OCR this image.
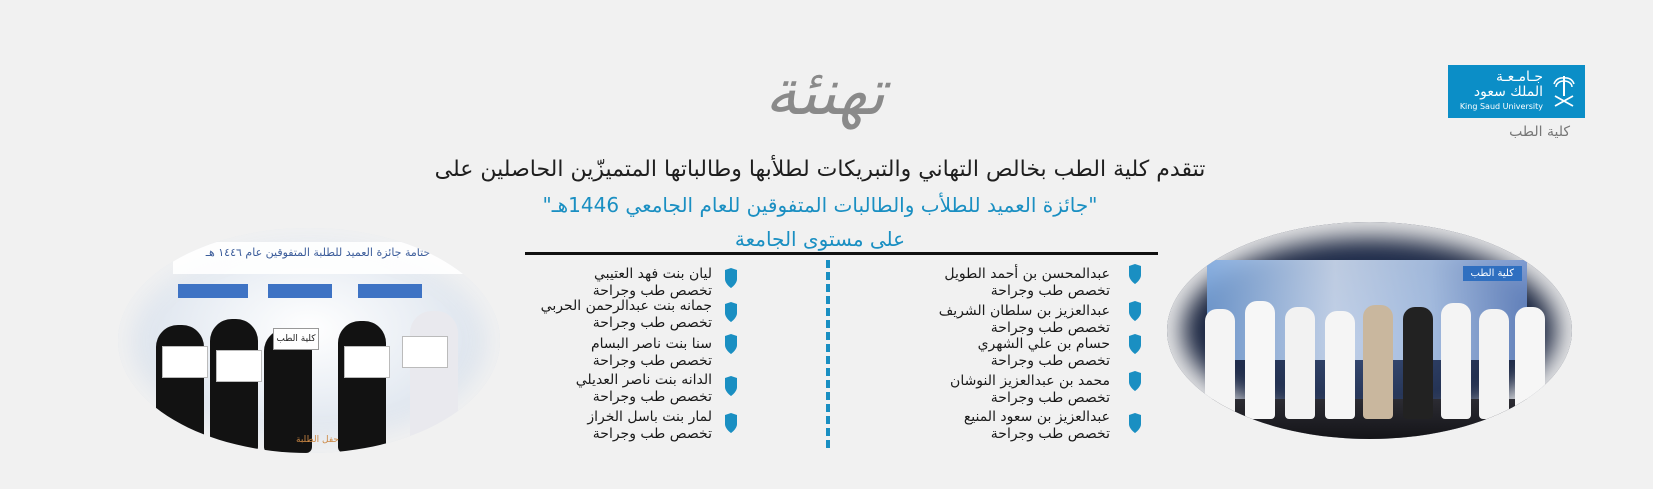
جـامـعـة
الملك سعود
King Saud University
كلية الطب
تهنئة
تتقدم كلية الطب بخالص التهاني والتبريكات لطلأبها وطالباتها المتميزّين الحاصلين على
"جائزة العميد للطلأب والطالبات المتفوقين للعام الجامعي 1446هـ"
على مستوى الجامعة
كلية الطب
ختامة جائزة العميد للطلبة المتفوقين عام ١٤٤٦ هـ
كلية الطب
حفل الطلبة
عبدالمحسن بن أحمد الطويل
تخصص طب وجراحة
عبدالعزيز بن سلطان الشريف
تخصص طب وجراحة
حسام بن علي الشهري
تخصص طب وجراحة
محمد بن عبدالعزيز النوشان
تخصص طب وجراحة
عبدالعزيز بن سعود المنيع
تخصص طب وجراحة
ليان بنت فهد العتيبي
تخصص طب وجراحة
جمانه بنت عبدالرحمن الحربي
تخصص طب وجراحة
سنا بنت ناصر البسام
تخصص طب وجراحة
الدانه بنت ناصر العديلي
تخصص طب وجراحة
لمار بنت باسل الخراز
تخصص طب وجراحة
